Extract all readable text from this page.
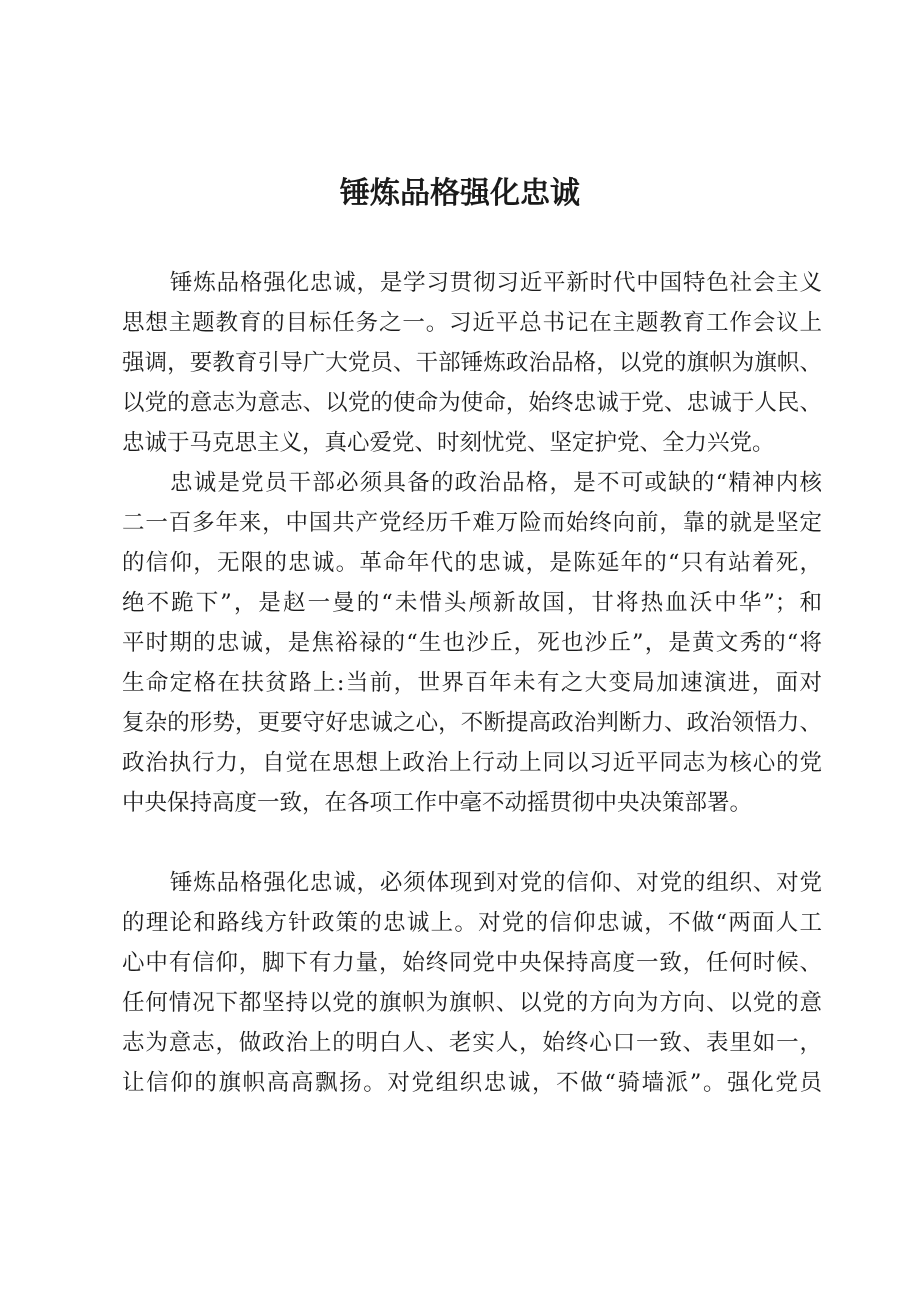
锤炼品格强化忠诚
锤炼品格强化忠诚，是学习贯彻习近平新时代中国特色社会主义
思想主题教育的目标任务之一。习近平总书记在主题教育工作会议上
强调，要教育引导广大党员、干部锤炼政治品格，以党的旗帜为旗帜、
以党的意志为意志、以党的使命为使命，始终忠诚于党、忠诚于人民、
忠诚于马克思主义，真心爱党、时刻忧党、坚定护党、全力兴党。
忠诚是党员干部必须具备的政治品格，是不可或缺的“精神内核
二一百多年来，中国共产党经历千难万险而始终向前，靠的就是坚定
的信仰，无限的忠诚。革命年代的忠诚，是陈延年的“只有站着死，
绝不跪下”，是赵一曼的“未惜头颅新故国，甘将热血沃中华”；和
平时期的忠诚，是焦裕禄的“生也沙丘，死也沙丘”，是黄文秀的“将
生命定格在扶贫路上:当前，世界百年未有之大变局加速演进，面对
复杂的形势，更要守好忠诚之心，不断提高政治判断力、政治领悟力、
政治执行力，自觉在思想上政治上行动上同以习近平同志为核心的党
中央保持高度一致，在各项工作中毫不动摇贯彻中央决策部署。
锤炼品格强化忠诚，必须体现到对党的信仰、对党的组织、对党
的理论和路线方针政策的忠诚上。对党的信仰忠诚，不做“两面人工
心中有信仰，脚下有力量，始终同党中央保持高度一致，任何时候、
任何情况下都坚持以党的旗帜为旗帜、以党的方向为方向、以党的意
志为意志，做政治上的明白人、老实人，始终心口一致、表里如一，
让信仰的旗帜高高飘扬。对党组织忠诚，不做“骑墙派”。强化党员
